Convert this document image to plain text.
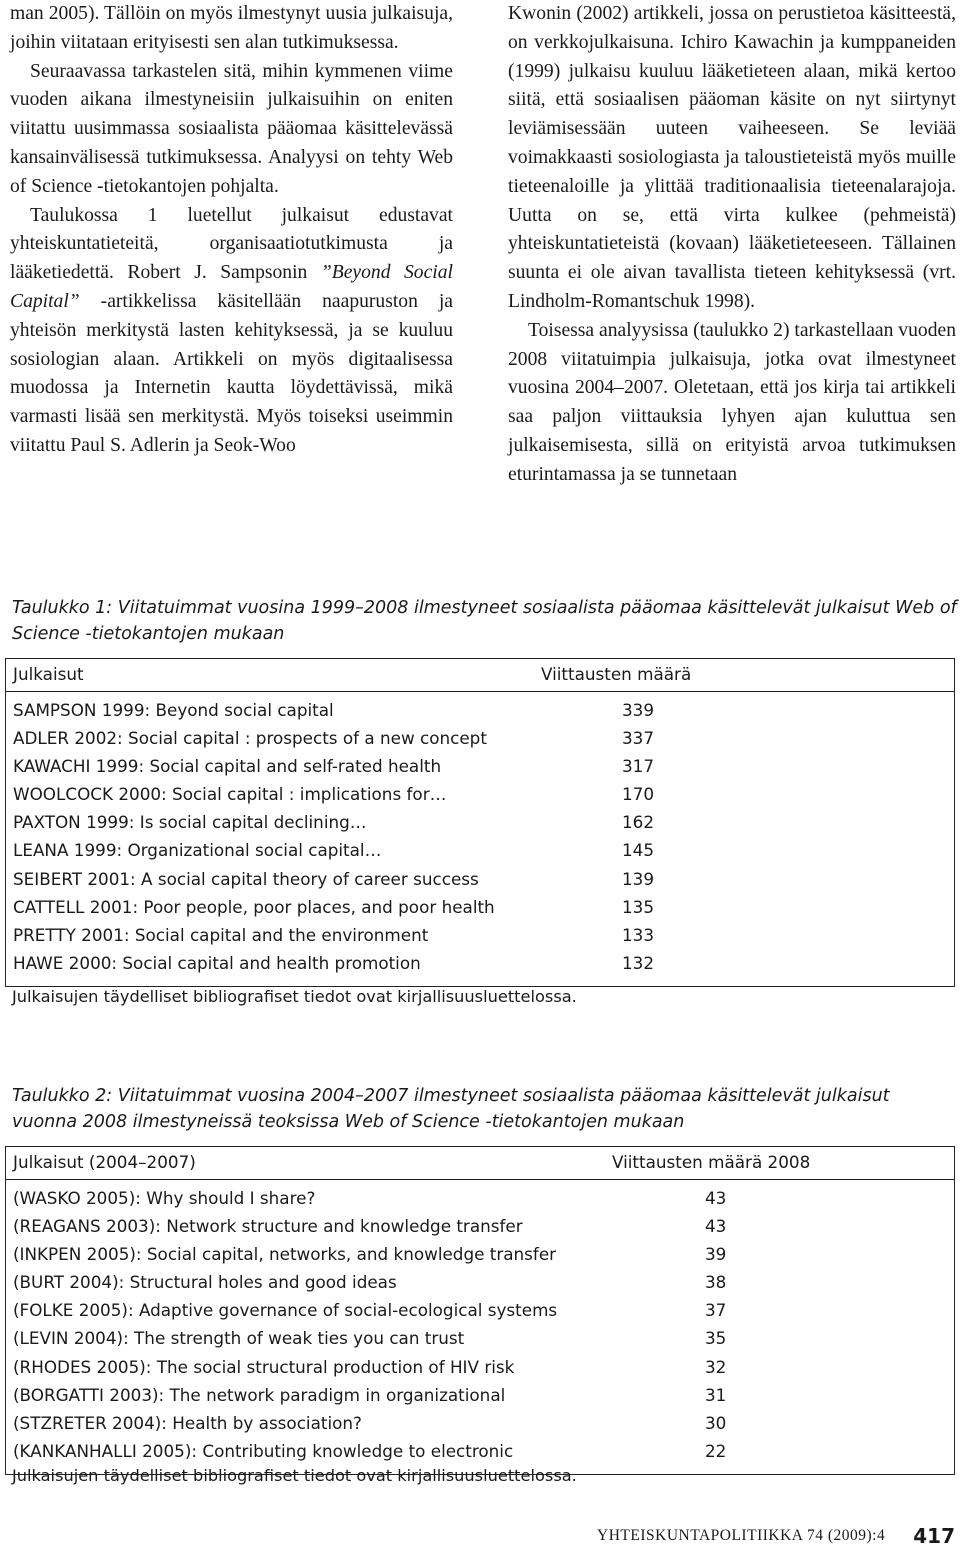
man 2005). Tällöin on myös ilmestynyt uusia julkaisuja, joihin viitataan erityisesti sen alan tutkimuksessa.

Seuraavassa tarkastelen sitä, mihin kymmenen viime vuoden aikana ilmestyneisiin julkaisuihin on eniten viitattu uusimmassa sosiaalista pääomaa käsittelevässä kansainvälisessä tutkimuksessa. Analyysi on tehty Web of Science -tietokantojen pohjalta.

Taulukossa 1 luetellut julkaisut edustavat yhteiskuntatieteitä, organisaatiotutkimusta ja lääketiedettä. Robert J. Sampsonin ”Beyond Social Capital” -artikkelissa käsitellään naapuruston ja yhteisön merkitystä lasten kehityksessä, ja se kuuluu sosiologian alaan. Artikkeli on myös digitaalisessa muodossa ja Internetin kautta löydettävissä, mikä varmasti lisää sen merkitystä. Myös toiseksi useimmin viitattu Paul S. Adlerin ja Seok-Woo

Kwonin (2002) artikkeli, jossa on perustietoa käsitteestä, on verkkojulkaisuna. Ichiro Kawachin ja kumppaneiden (1999) julkaisu kuuluu lääketieteen alaan, mikä kertoo siitä, että sosiaalisen pääoman käsite on nyt siirtynyt leviämisessään uuteen vaiheeseen. Se leviää voimakkaasti sosiologiasta ja taloustieteistä myös muille tieteenaloille ja ylittää traditionaalisia tieteenalarajoja. Uutta on se, että virta kulkee (pehmeistä) yhteiskuntatieteistä (kovaan) lääketieteeseen. Tällainen suunta ei ole aivan tavallista tieteen kehityksessä (vrt. Lindholm-Romantschuk 1998).

Toisessa analyysissa (taulukko 2) tarkastellaan vuoden 2008 viitatuimpia julkaisuja, jotka ovat ilmestyneet vuosina 2004–2007. Oletetaan, että jos kirja tai artikkeli saa paljon viittauksia lyhyen ajan kuluttua sen julkaisemisesta, sillä on erityistä arvoa tutkimuksen eturintamassa ja se tunnetaan

Taulukko 1: Viitatuimmat vuosina 1999–2008 ilmestyneet sosiaalista pääomaa käsittelevät julkaisut Web of Science -tietokantojen mukaan
Julkaisut	Viittausten määrä
SAMPSON 1999: Beyond social capital	339
ADLER 2002: Social capital : prospects of a new concept	337
KAWACHI 1999: Social capital and self-rated health	317
WOOLCOCK 2000: Social capital : implications for…	170
PAXTON 1999: Is social capital declining…	162
LEANA 1999: Organizational social capital…	145
SEIBERT 2001: A social capital theory of career success	139
CATTELL 2001: Poor people, poor places, and poor health	135
PRETTY 2001: Social capital and the environment	133
HAWE 2000: Social capital and health promotion	132
Julkaisujen täydelliset bibliografiset tiedot ovat kirjallisuusluettelossa.
Taulukko 2: Viitatuimmat vuosina 2004–2007 ilmestyneet sosiaalista pääomaa käsittelevät julkaisut vuonna 2008 ilmestyneissä teoksissa Web of Science -tietokantojen mukaan
Julkaisut (2004–2007)	Viittausten määrä 2008
(WASKO 2005): Why should I share?	43
(REAGANS 2003): Network structure and knowledge transfer	43
(INKPEN 2005): Social capital, networks, and knowledge transfer	39
(BURT 2004): Structural holes and good ideas	38
(FOLKE 2005): Adaptive governance of social-ecological systems	37
(LEVIN 2004): The strength of weak ties you can trust	35
(RHODES 2005): The social structural production of HIV risk	32
(BORGATTI 2003): The network paradigm in organizational	31
(STZRETER 2004): Health by association?	30
(KANKANHALLI 2005): Contributing knowledge to electronic	22
Julkaisujen täydelliset bibliografiset tiedot ovat kirjallisuusluettelossa.
YHTEISKUNTAPOLITIIKKA 74 (2009):4 417
